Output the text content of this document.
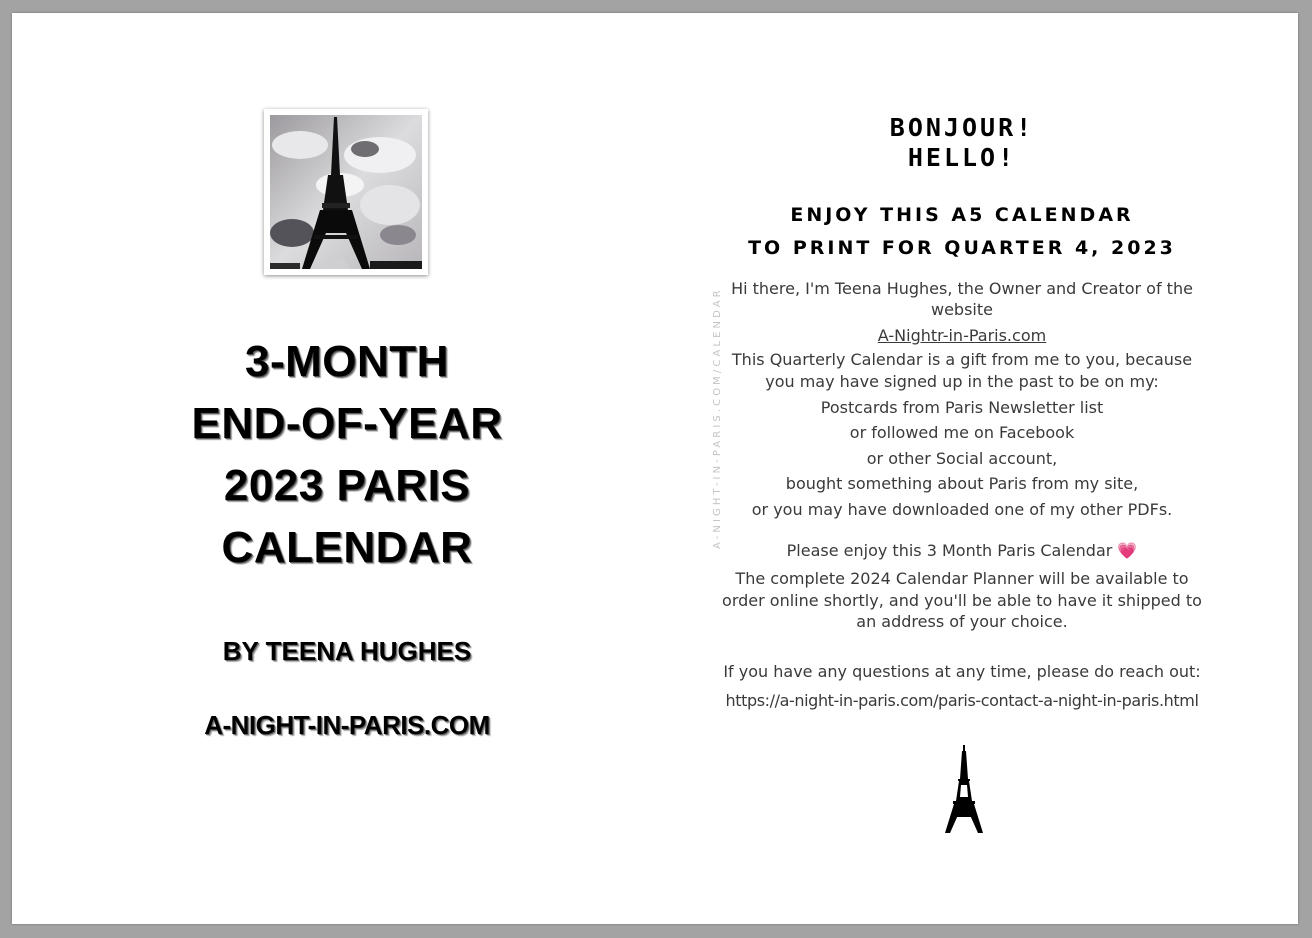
3-MONTH
END-OF-YEAR
2023 PARIS
CALENDAR
BY TEENA HUGHES
A-NIGHT-IN-PARIS.COM
A-NIGHT-IN-PARIS.COM/CALENDAR
BONJOUR!
HELLO!
ENJOY THIS A5 CALENDAR
TO PRINT FOR QUARTER 4, 2023
Hi there, I'm Teena Hughes, the Owner and Creator of the
website
A-Nightr-in-Paris.com
This Quarterly Calendar is a gift from me to you, because
you may have signed up in the past to be on my:
Postcards from Paris Newsletter list
or followed me on Facebook
or other Social account,
bought something about Paris from my site,
or you may have downloaded one of my other PDFs.
Please enjoy this 3 Month Paris Calendar 💗
The complete 2024 Calendar Planner will be available to
order online shortly, and you'll be able to have it shipped to
an address of your choice.
If you have any questions at any time, please do reach out:
https://a-night-in-paris.com/paris-contact-a-night-in-paris.html
